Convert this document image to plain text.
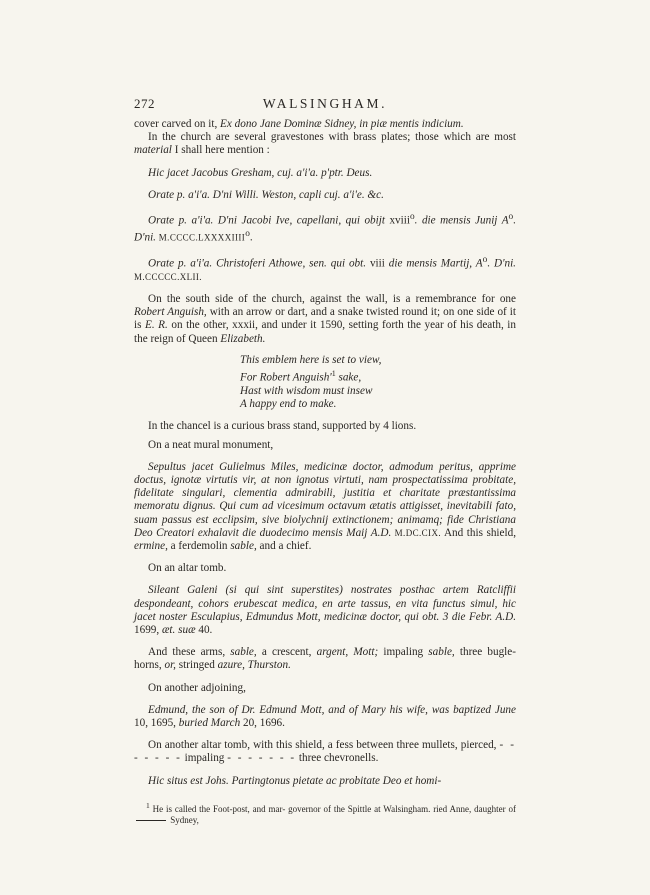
272	WALSINGHAM.

cover carved on it, Ex dono Jane Dominæ Sidney, in piæ mentis indicium.

In the church are several gravestones with brass plates; those which are most material I shall here mention :

Hic jacet Jacobus Gresham, cuj. a'i'a. p'ptr. Deus.

Orate p. a'i'a. D'ni Willi. Weston, capli cuj. a'i'e. &c.

Orate p. a'i'a. D'ni Jacobi Ive, capellani, qui obijt xviii$^o$. die mensis Junij $A^o$. D'ni. M.CCCC.LXXXXIIII$^o$.

Orate p. a'i'a. Christoferi Athowe, sen. qui obt. viii die mensis Martij, $A^o$. D'ni. M.CCCCC.XLII.

On the south side of the church, against the wall, is a remembrance for one Robert Anguish, with an arrow or dart, and a snake twisted round it; on one side of it is E. R. on the other, xxxii, and under it 1590, setting forth the year of his death, in the reign of Queen Elizabeth.

This emblem here is set to view,
For Robert $Anguish'^1$ sake,
Hast with wisdom must insew
A happy end to make.

In the chancel is a curious brass stand, supported by 4 lions.

On a neat mural monument,

Sepultus jacet Gulielmus Miles, medicinæ doctor, admodum peritus, apprime doctus, ignotæ virtutis vir, at non ignotus virtuti, nam prospectatissima probitate, fidelitate singulari, clementia admirabili, justitia et charitate præstantissima memoratu dignus. Qui cum ad vicesimum octavum ætatis attigisset, inevitabili fato, suam passus est ecclipsim, sive biolychnij extinctionem; animamq; fide Christiana Deo Creatori exhalavit die duodecimo mensis Maij A.D. M.DC.CIX. And this shield, ermine, a ferdemolin sable, and a chief.

On an altar tomb.

Sileant Galeni (si qui sint superstites) nostrates posthac artem Ratcliffii despondeant, cohors erubescat medica, en arte tassus, en vita functus simul, hic jacet noster Esculapius, Edmundus Mott, medicinæ doctor, qui obt. 3 die Febr. A.D. 1699, æt. suæ 40.

And these arms, sable, a crescent, argent, Mott; impaling sable, three bugle-horns, or, stringed azure, Thurston.

On another adjoining,

Edmund, the son of Dr. Edmund Mott, and of Mary his wife, was baptized June 10, 1695, buried March 20, 1696.

On another altar tomb, with this shield, a fess between three mullets, pierced, - - - - - - - impaling - - - - - - - three chevronells.

Hic situs est Johs. Partingtonus pietate ac probitate Deo et homi-

$^1$ He is called the Foot-post, and mar- governor of the Spittle at Walsingham. ried Anne, daughter of  Sydney,
